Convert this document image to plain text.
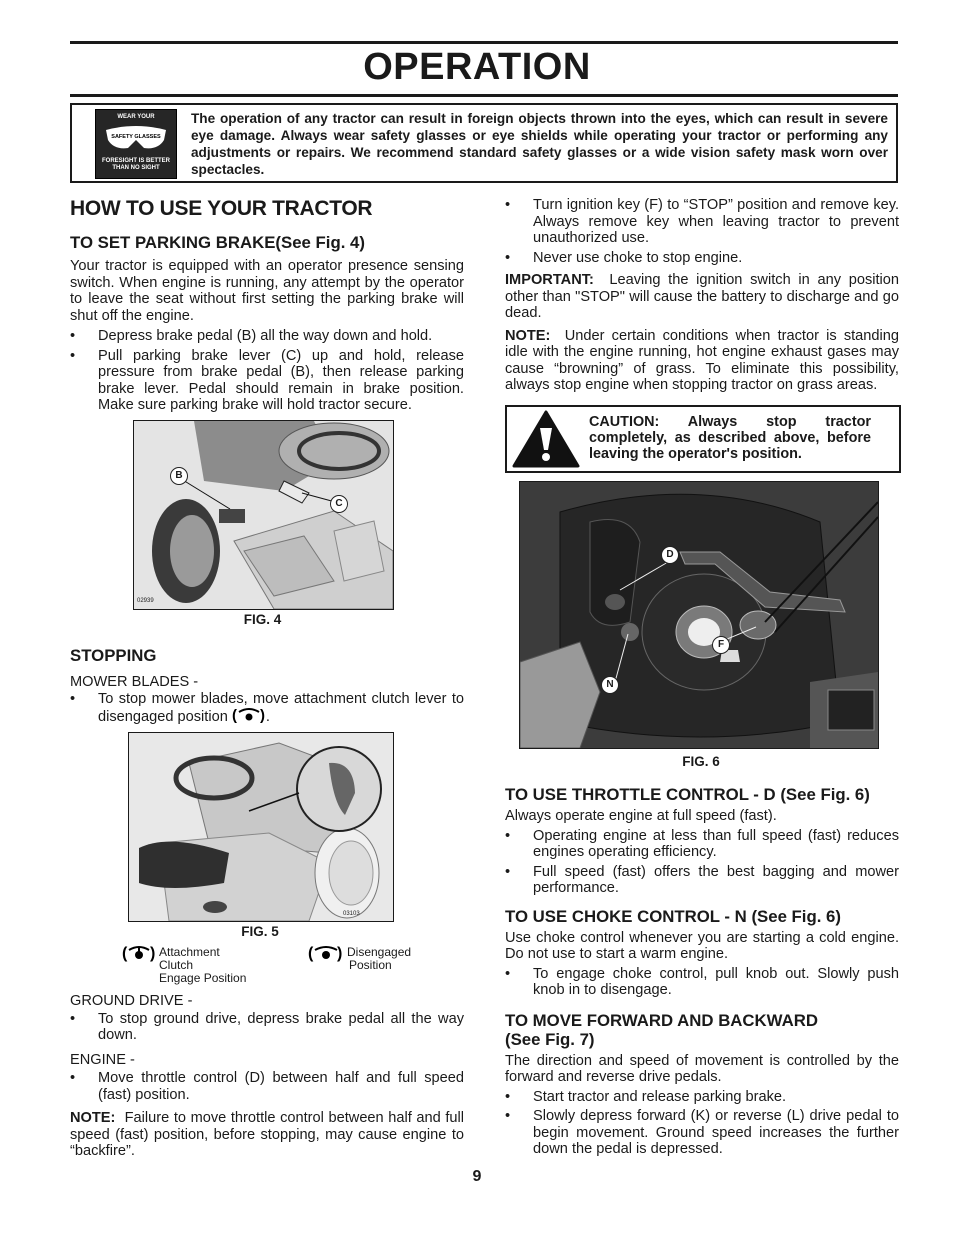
OPERATION
WEAR YOUR
SAFETY GLASSES
FORESIGHT IS BETTER
THAN NO SIGHT
The operation of any tractor can result in foreign objects thrown into the eyes, which can result in severe eye damage. Always wear safety glasses or eye shields while operating your tractor or performing any adjustments or repairs. We recommend standard safety glasses or a wide vision safety mask worn over spectacles.
HOW TO USE YOUR TRACTOR
TO SET PARKING BRAKE(See Fig. 4)

Your tractor is equipped with an operator presence sensing switch. When engine is running, any attempt by the operator to leave the seat without first setting the parking brake will shut off the engine.

• Depress brake pedal (B) all the way down and hold.
• Pull parking brake lever (C) up and hold, release pressure from brake pedal (B), then release parking brake lever. Pedal should remain in brake position. Make sure parking brake will hold tractor secure.
B
C
02939
FIG. 4
STOPPING

MOWER BLADES -

• To stop mower blades, move attachment clutch lever to disengaged position ( ) .
03103
FIG. 5
( ) Attachment
Clutch
Engage Position
( ) Disengaged
Position

GROUND DRIVE -

• To stop ground drive, depress brake pedal all the way down.

ENGINE -

• Move throttle control (D) between half and full speed (fast) position.

NOTE: Failure to move throttle control between half and full speed (fast) position, before stopping, may cause engine to “backfire”.

• Turn ignition key (F) to “STOP” position and remove key. Always remove key when leaving tractor to prevent unauthorized use.
• Never use choke to stop engine.

IMPORTANT: Leaving the ignition switch in any position other than "STOP" will cause the battery to discharge and go dead.

NOTE: Under certain conditions when tractor is standing idle with the engine running, hot engine exhaust gases may cause “browning” of grass. To eliminate this possibility, always stop engine when stopping tractor on grass areas.

CAUTION: Always stop tractor completely, as described above, before leaving the operator's position.
D
F
N
FIG. 6
TO USE THROTTLE CONTROL - D (See Fig. 6)

Always operate engine at full speed (fast).

• Operating engine at less than full speed (fast) reduces engines operating efficiency.
• Full speed (fast) offers the best bagging and mower performance.
TO USE CHOKE CONTROL - N (See Fig. 6)

Use choke control whenever you are starting a cold engine. Do not use to start a warm engine.

• To engage choke control, pull knob out. Slowly push knob in to disengage.
TO MOVE FORWARD AND BACKWARD
(See Fig. 7)

The direction and speed of movement is controlled by the forward and reverse drive pedals.

• Start tractor and release parking brake.
• Slowly depress forward (K) or reverse (L) drive pedal to begin movement. Ground speed increases the further down the pedal is depressed.
9
